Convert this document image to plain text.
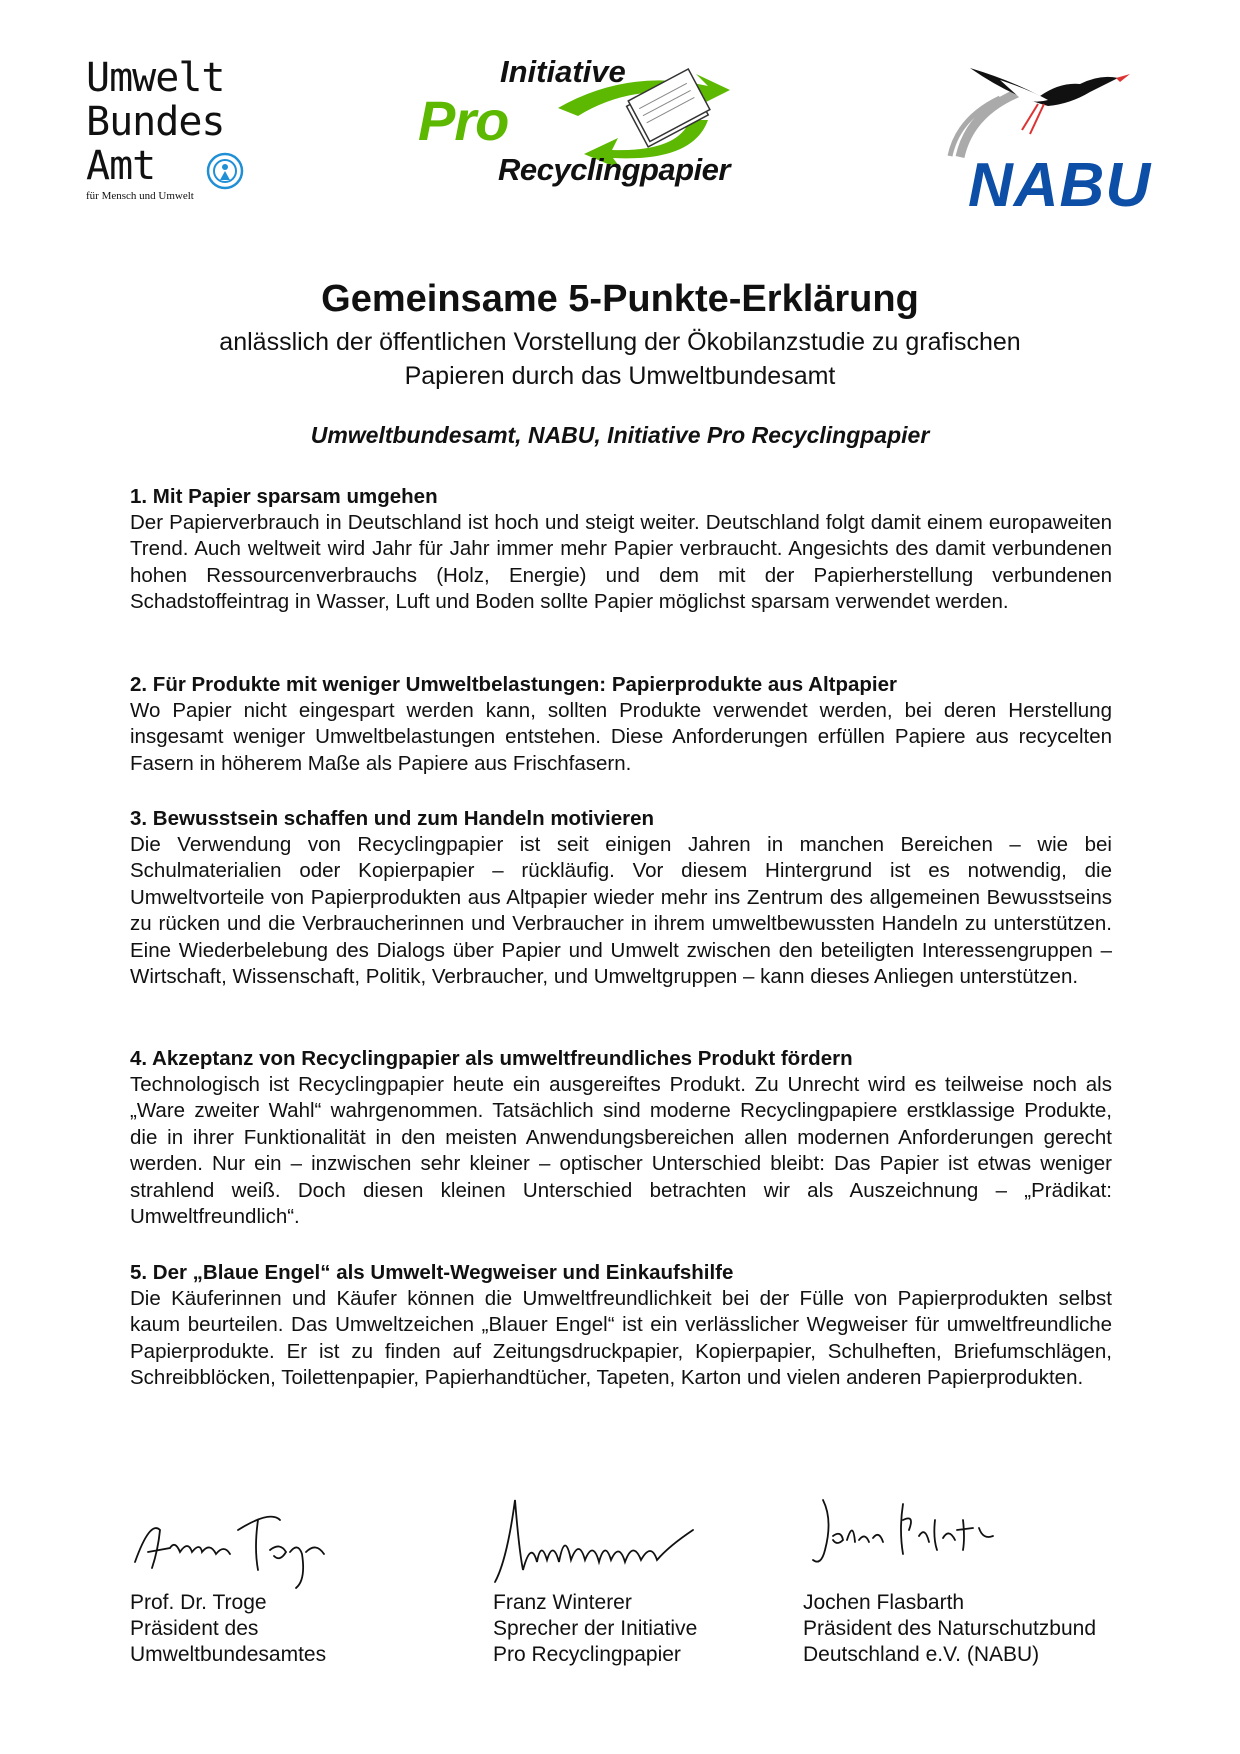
Umwelt
Bundes
Amt
für Mensch und Umwelt
Initiative
Pro
Recyclingpapier	NABU
Gemeinsame 5-Punkte-Erklärung
anlässlich der öffentlichen Vorstellung der Ökobilanzstudie zu grafischen
Papieren durch das Umweltbundesamt
Umweltbundesamt, NABU, Initiative Pro Recyclingpapier
1. Mit Papier sparsam umgehen

Der Papierverbrauch in Deutschland ist hoch und steigt weiter. Deutschland folgt damit einem europaweiten Trend. Auch weltweit wird Jahr für Jahr immer mehr Papier verbraucht. Angesichts des damit verbundenen hohen Ressourcenverbrauchs (Holz, Energie) und dem mit der Papierherstellung verbundenen Schadstoffeintrag in Wasser, Luft und Boden sollte Papier möglichst sparsam verwendet werden.

2. Für Produkte mit weniger Umweltbelastungen: Papierprodukte aus Altpapier

Wo Papier nicht eingespart werden kann, sollten Produkte verwendet werden, bei deren Herstellung insgesamt weniger Umweltbelastungen entstehen. Diese Anforderungen erfüllen Papiere aus recycelten Fasern in höherem Maße als Papiere aus Frischfasern.

3. Bewusstsein schaffen und zum Handeln motivieren

Die Verwendung von Recyclingpapier ist seit einigen Jahren in manchen Bereichen – wie bei Schulmaterialien oder Kopierpapier – rückläufig. Vor diesem Hintergrund ist es notwendig, die Umweltvorteile von Papierprodukten aus Altpapier wieder mehr ins Zentrum des allgemeinen Bewusstseins zu rücken und die Verbraucherinnen und Verbraucher in ihrem umweltbewussten Handeln zu unterstützen. Eine Wiederbelebung des Dialogs über Papier und Umwelt zwischen den beteiligten Interessengruppen – Wirtschaft, Wissenschaft, Politik, Verbraucher, und Umweltgruppen – kann dieses Anliegen unterstützen.

4. Akzeptanz von Recyclingpapier als umweltfreundliches Produkt fördern

Technologisch ist Recyclingpapier heute ein ausgereiftes Produkt. Zu Unrecht wird es teilweise noch als „Ware zweiter Wahl“ wahrgenommen. Tatsächlich sind moderne Recyclingpapiere erstklassige Produkte, die in ihrer Funktionalität in den meisten Anwendungsbereichen allen modernen Anforderungen gerecht werden. Nur ein – inzwischen sehr kleiner – optischer Unterschied bleibt: Das Papier ist etwas weniger strahlend weiß. Doch diesen kleinen Unterschied betrachten wir als Auszeichnung – „Prädikat: Umweltfreundlich“.

5. Der „Blaue Engel“ als Umwelt-Wegweiser und Einkaufshilfe

Die Käuferinnen und Käufer können die Umweltfreundlichkeit bei der Fülle von Papierprodukten selbst kaum beurteilen. Das Umweltzeichen „Blauer Engel“ ist ein verlässlicher Wegweiser für umweltfreundliche Papierprodukte. Er ist zu finden auf Zeitungsdruckpapier, Kopierpapier, Schulheften, Briefumschlägen, Schreibblöcken, Toilettenpapier, Papierhandtücher, Tapeten, Karton und vielen anderen Papierprodukten.

Prof. Dr. Troge
Präsident des
Umweltbundesamtes
Franz Winterer
Sprecher der Initiative
Pro Recyclingpapier
Jochen Flasbarth
Präsident des Naturschutzbund
Deutschland e.V. (NABU)
